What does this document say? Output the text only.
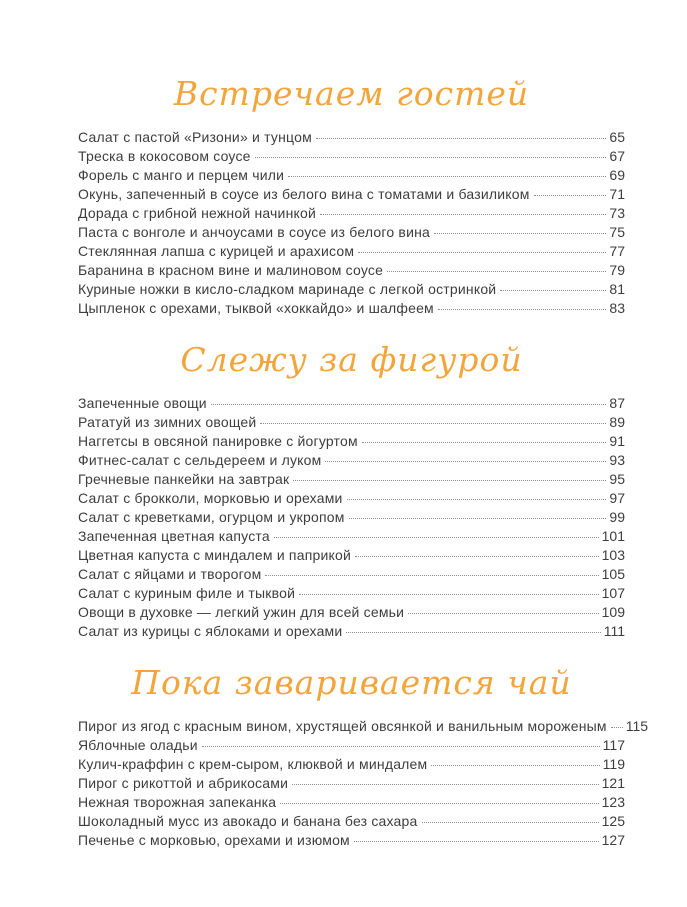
Встречаем гостей
Салат с пастой «Ризони» и тунцом	65
Треска в кокосовом соусе	67
Форель с манго и перцем чили	69
Окунь, запеченный в соусе из белого вина с томатами и базиликом	71
Дорада с грибной нежной начинкой	73
Паста с вонголе и анчоусами в соусе из белого вина	75
Стеклянная лапша с курицей и арахисом	77
Баранина в красном вине и малиновом соусе	79
Куриные ножки в кисло-сладком маринаде с легкой остринкой	81
Цыпленок с орехами, тыквой «хоккайдо» и шалфеем	83
Слежу за фигурой
Запеченные овощи	87
Рататуй из зимних овощей	89
Наггетсы в овсяной панировке с йогуртом	91
Фитнес-салат с сельдереем и луком	93
Гречневые панкейки на завтрак	95
Салат с брокколи, морковью и орехами	97
Салат с креветками, огурцом и укропом	99
Запеченная цветная капуста	101
Цветная капуста с миндалем и паприкой	103
Салат с яйцами и творогом	105
Салат с куриным филе и тыквой	107
Овощи в духовке — легкий ужин для всей семьи	109
Салат из курицы с яблоками и орехами	111
Пока заваривается чай
Пирог из ягод с красным вином, хрустящей овсянкой и ванильным мороженым 115
Яблочные оладьи	117
Кулич-краффин с крем-сыром, клюквой и миндалем	119
Пирог с рикоттой и абрикосами	121
Нежная творожная запеканка	123
Шоколадный мусс из авокадо и банана без сахара	125
Печенье с морковью, орехами и изюмом	127
